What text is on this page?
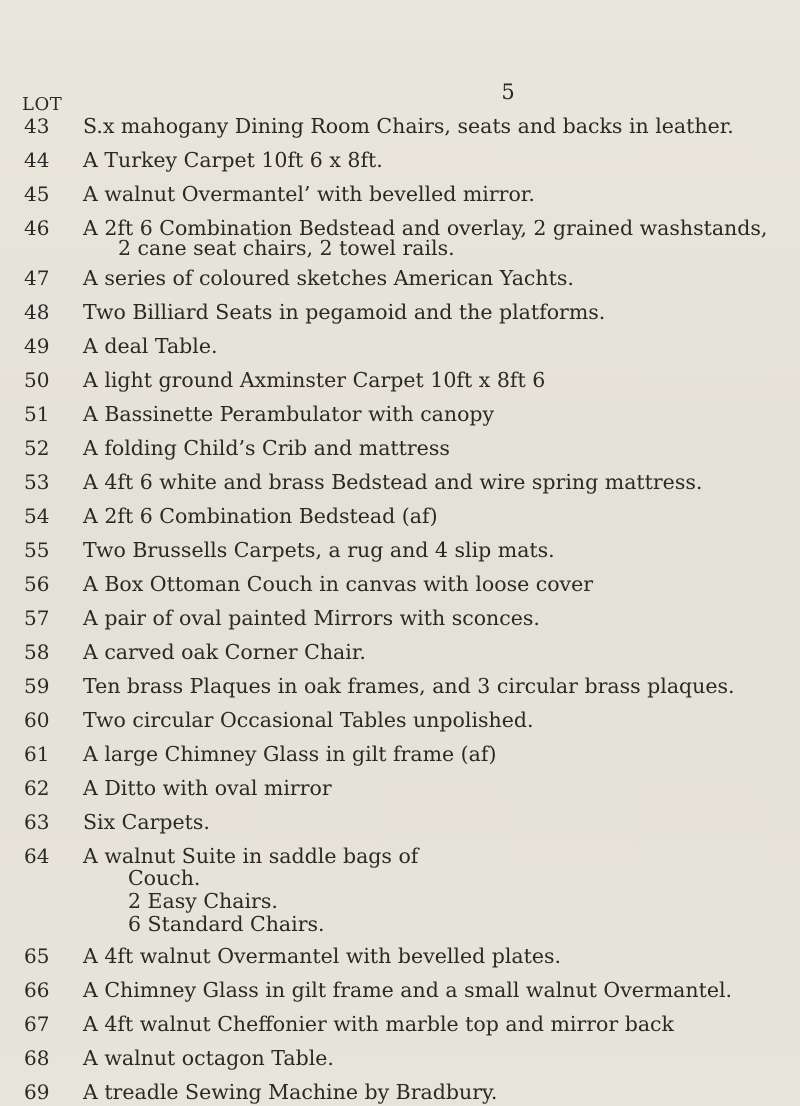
5
LOT
43	S.x mahogany Dining Room Chairs, seats and backs in leather.
44	A Turkey Carpet 10ft 6 x 8ft.
45	A walnut Overmantel’ with bevelled mirror.
46	A 2ft 6 Combination Bedstead and overlay, 2 grained washstands,
2 cane seat chairs, 2 towel rails.
47	A series of coloured sketches American Yachts.
48	Two Billiard Seats in pegamoid and the platforms.
49	A deal Table.
50	A light ground Axminster Carpet 10ft x 8ft 6
51	A Bassinette Perambulator with canopy
52	A folding Child’s Crib and mattress
53	A 4ft 6 white and brass Bedstead and wire spring mattress.
54	A 2ft 6 Combination Bedstead (af)
55	Two Brussells Carpets, a rug and 4 slip mats.
56	A Box Ottoman Couch in canvas with loose cover
57	A pair of oval painted Mirrors with sconces.
58	A carved oak Corner Chair.
59	Ten brass Plaques in oak frames, and 3 circular brass plaques.
60	Two circular Occasional Tables unpolished.
61	A large Chimney Glass in gilt frame (af)
62	A Ditto with oval mirror
63	Six Carpets.
64	A walnut Suite in saddle bags of
Couch.
2 Easy Chairs.
6 Standard Chairs.
65	A 4ft walnut Overmantel with bevelled plates.
66	A Chimney Glass in gilt frame and a small walnut Overmantel.
67	A 4ft walnut Cheffonier with marble top and mirror back
68	A walnut octagon Table.
69	A treadle Sewing Machine by Bradbury.
